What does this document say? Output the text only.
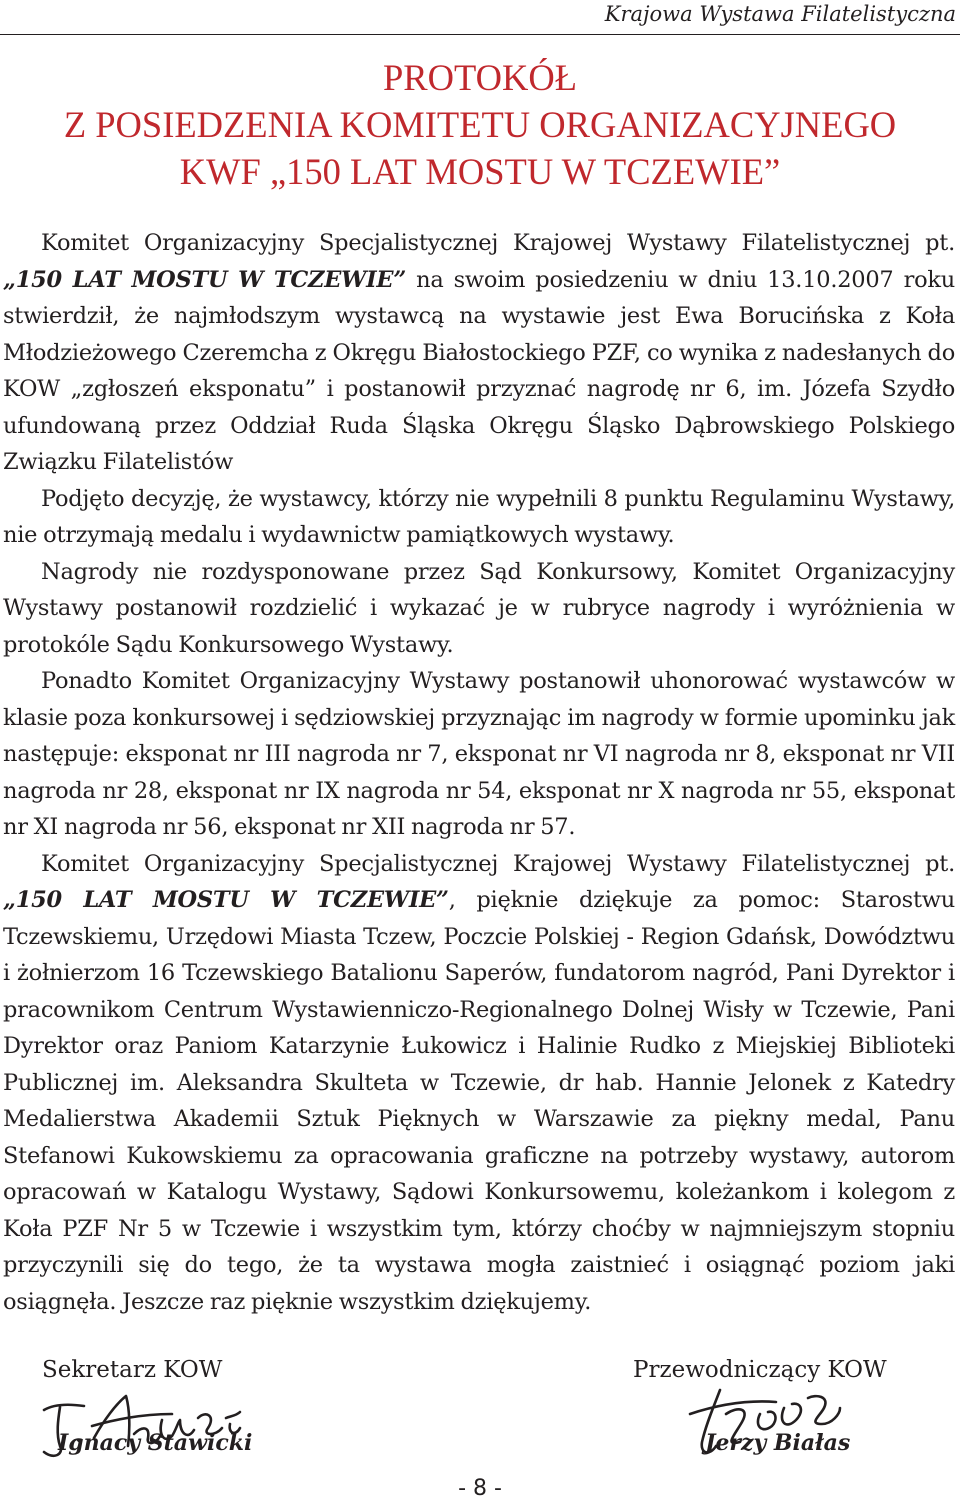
Krajowa Wystawa Filatelistyczna
PROTOKÓŁ
Z POSIEDZENIA KOMITETU ORGANIZACYJNEGO
KWF „150 LAT MOSTU W TCZEWIE”

Komitet Organizacyjny Specjalistycznej Krajowej Wystawy Filatelistycznej pt. „150 LAT MOSTU W TCZEWIE” na swoim posiedzeniu w dniu 13.10.2007 roku stwierdził, że najmłodszym wystawcą na wystawie jest Ewa Borucińska z Koła Młodzieżowego Czeremcha z Okręgu Białostockiego PZF, co wynika z nadesłanych do KOW „zgłoszeń eksponatu” i postanowił przyznać nagrodę nr 6, im. Józefa Szydło ufundowaną przez Oddział Ruda Śląska Okręgu Śląsko Dąbrowskiego Polskiego Związku Filatelistów

Podjęto decyzję, że wystawcy, którzy nie wypełnili 8 punktu Regulaminu Wystawy, nie otrzymają medalu i wydawnictw pamiątkowych wystawy.

Nagrody nie rozdysponowane przez Sąd Konkursowy, Komitet Organizacyjny Wystawy postanowił rozdzielić i wykazać je w rubryce nagrody i wyróżnienia w protokóle Sądu Konkursowego Wystawy.

Ponadto Komitet Organizacyjny Wystawy postanowił uhonorować wystawców w klasie poza konkursowej i sędziowskiej przyznając im nagrody w formie upominku jak następuje: eksponat nr III nagroda nr 7, eksponat nr VI nagroda nr 8, eksponat nr VII nagroda nr 28, eksponat nr IX nagroda nr 54, eksponat nr X nagroda nr 55, eksponat nr XI nagroda nr 56, eksponat nr XII nagroda nr 57.

Komitet Organizacyjny Specjalistycznej Krajowej Wystawy Filatelistycznej pt. „150 LAT MOSTU W TCZEWIE”, pięknie dziękuje za pomoc: Starostwu Tczewskiemu, Urzędowi Miasta Tczew, Poczcie Polskiej - Region Gdańsk, Dowództwu i żołnierzom 16 Tczewskiego Batalionu Saperów, fundatorom nagród, Pani Dyrektor i pracownikom Centrum Wystawienniczo-Regionalnego Dolnej Wisły w Tczewie, Pani Dyrektor oraz Paniom Katarzynie Łukowicz i Halinie Rudko z Miejskiej Biblioteki Publicznej im. Aleksandra Skulteta w Tczewie, dr hab. Hannie Jelonek z Katedry Medalierstwa Akademii Sztuk Pięknych w Warszawie za piękny medal, Panu Stefanowi Kukowskiemu za opracowania graficzne na potrzeby wystawy, autorom opracowań w Katalogu Wystawy, Sądowi Konkursowemu, koleżankom i kolegom z Koła PZF Nr 5 w Tczewie i wszystkim tym, którzy choćby w najmniejszym stopniu przyczynili się do tego, że ta wystawa mogła zaistnieć i osiągnąć poziom jaki osiągnęła. Jeszcze raz pięknie wszystkim dziękujemy.

Sekretarz KOW
Ignacy Stawicki
Przewodniczący KOW
Jerzy Białas
- 8 -
